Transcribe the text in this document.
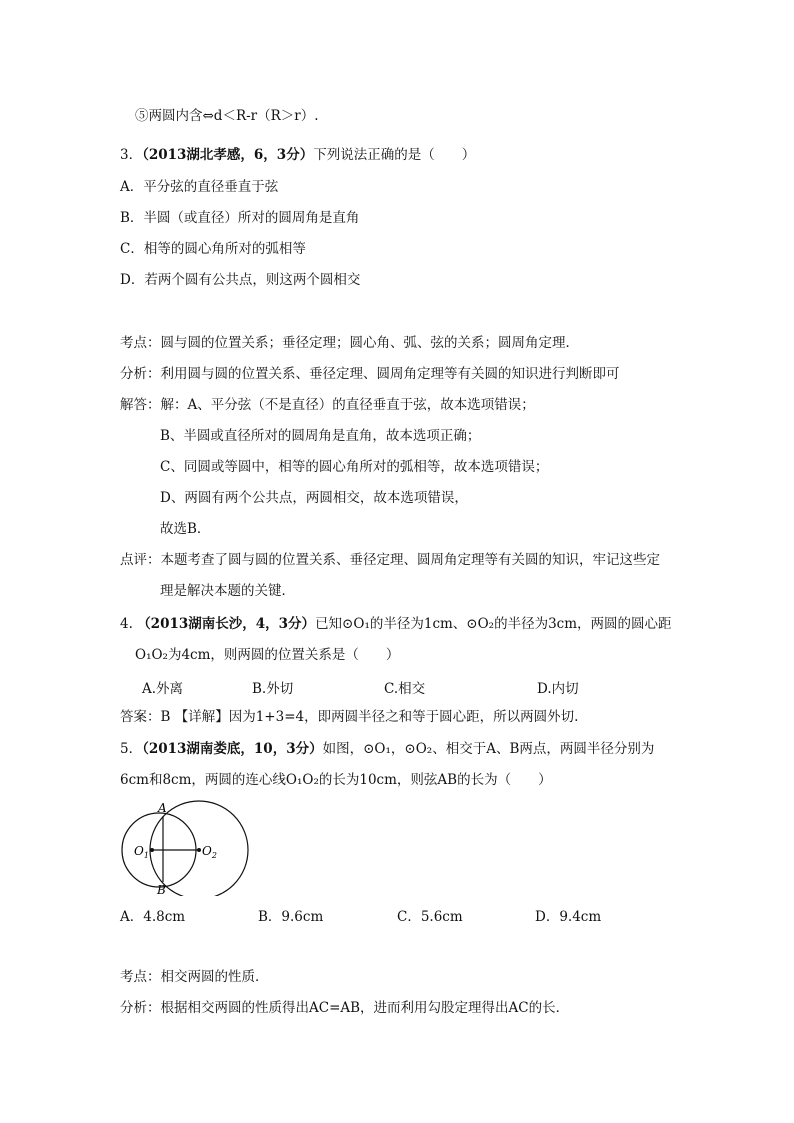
⑤两圆内含⇔d＜R-r（R＞r）.
3．（2013湖北孝感，6，3分）下列说法正确的是（　　）
A．平分弦的直径垂直于弦
B．半圆（或直径）所对的圆周角是直角
C．相等的圆心角所对的弧相等
D．若两个圆有公共点，则这两个圆相交
考点：圆与圆的位置关系；垂径定理；圆心角、弧、弦的关系；圆周角定理．
分析：利用圆与圆的位置关系、垂径定理、圆周角定理等有关圆的知识进行判断即可
解答：解：A、平分弦（不是直径）的直径垂直于弦，故本选项错误；
B、半圆或直径所对的圆周角是直角，故本选项正确；
C、同圆或等圆中，相等的圆心角所对的弧相等，故本选项错误；
D、两圆有两个公共点，两圆相交，故本选项错误，
故选B．
点评：本题考查了圆与圆的位置关系、垂径定理、圆周角定理等有关圆的知识，牢记这些定
理是解决本题的关键．
4. （2013湖南长沙，4，3分）已知⊙O₁的半径为1cm、⊙O₂的半径为3cm，两圆的圆心距
O₁O₂为4cm，则两圆的位置关系是（　　）
A.外离	B.外切	C.相交	D.内切
答案：B 【详解】因为1+3=4，即两圆半径之和等于圆心距，所以两圆外切.
5．（2013湖南娄底，10，3分）如图，⊙O₁，⊙O₂、相交于A、B两点，两圆半径分别为
6cm和8cm，两圆的连心线O₁O₂的长为10cm，则弦AB的长为（　　）
A
B
$O_1$	$O_2$
A．4.8cm	B．9.6cm	C．5.6cm	D．9.4cm
考点：相交两圆的性质．
分析：根据相交两圆的性质得出AC=AB，进而利用勾股定理得出AC的长．
